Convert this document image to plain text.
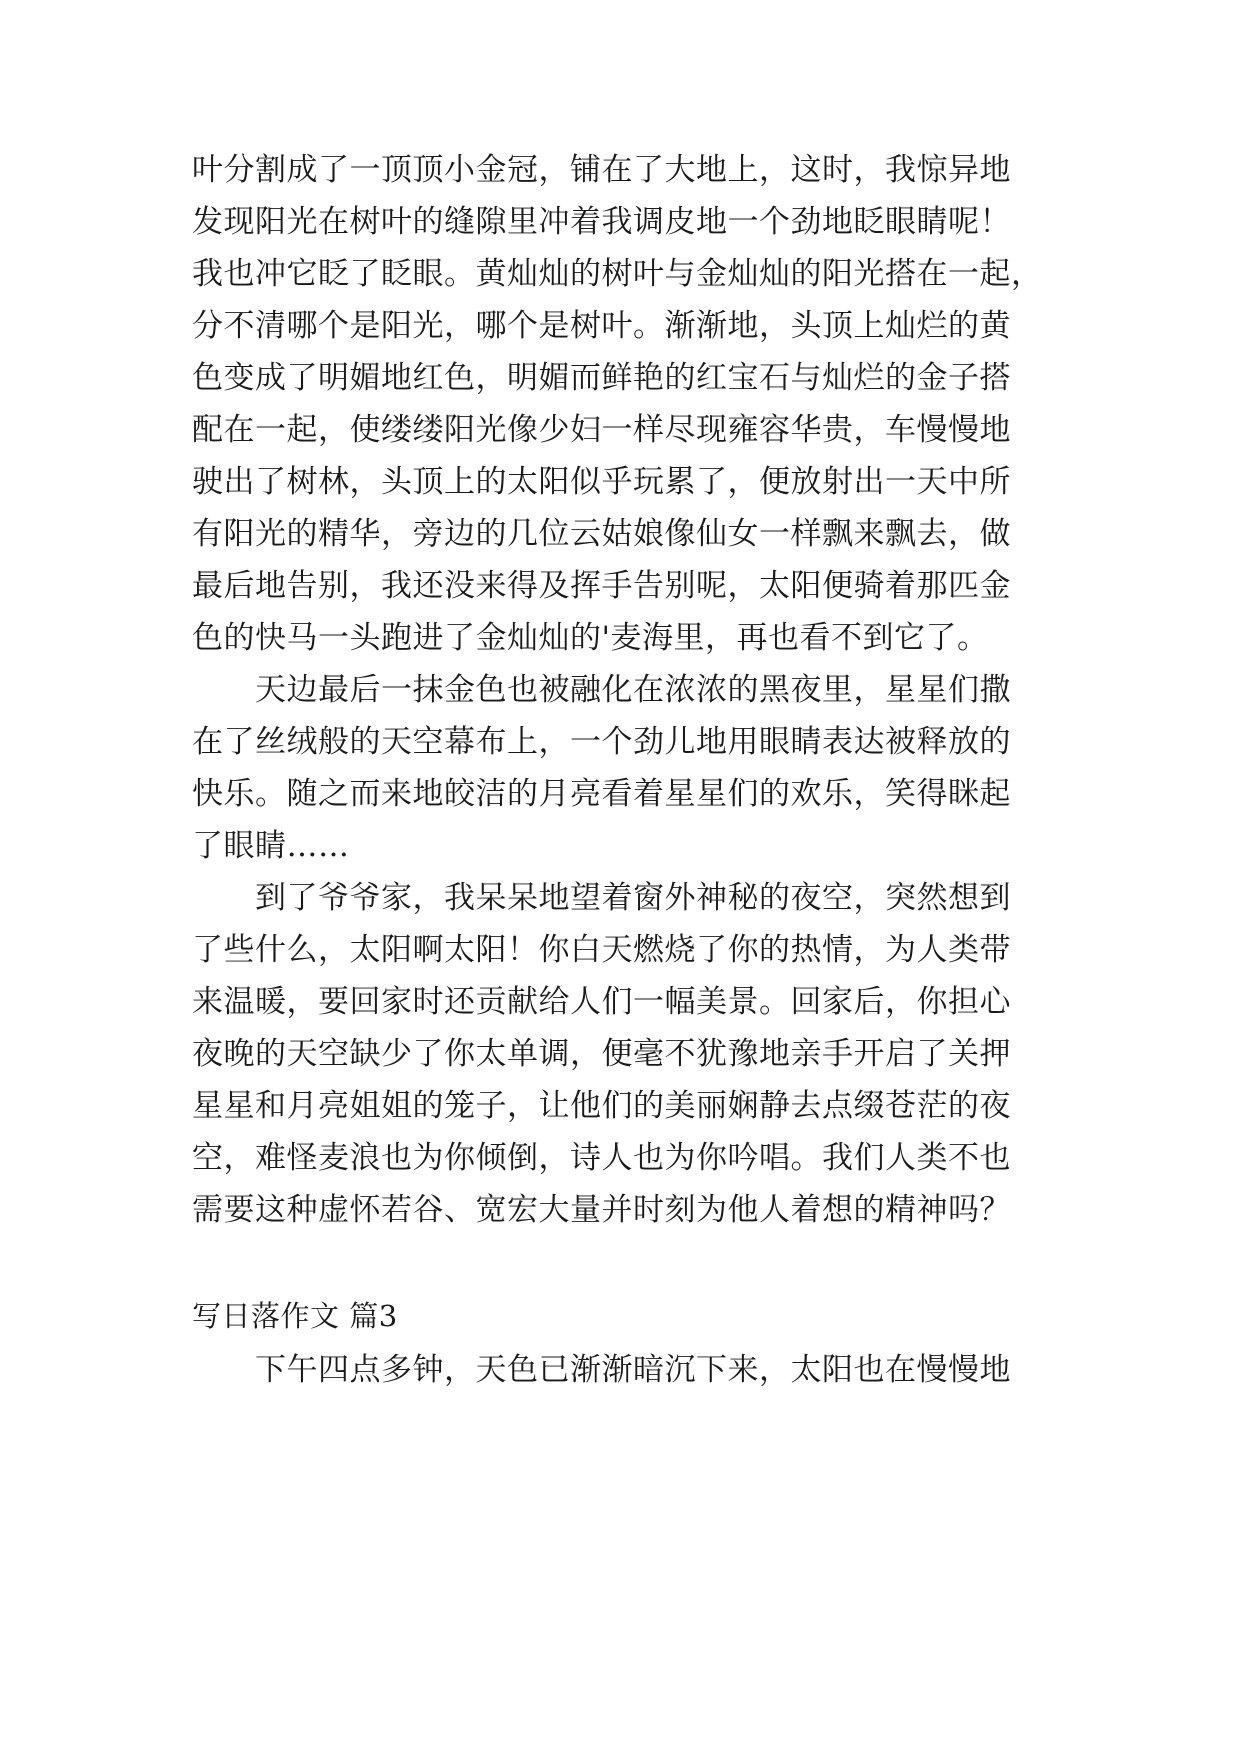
叶分割成了一顶顶小金冠，铺在了大地上，这时，我惊异地
发现阳光在树叶的缝隙里冲着我调皮地一个劲地眨眼睛呢！
我也冲它眨了眨眼。黄灿灿的树叶与金灿灿的阳光搭在一起，
分不清哪个是阳光，哪个是树叶。渐渐地，头顶上灿烂的黄
色变成了明媚地红色，明媚而鲜艳的红宝石与灿烂的金子搭
配在一起，使缕缕阳光像少妇一样尽现雍容华贵，车慢慢地
驶出了树林，头顶上的太阳似乎玩累了，便放射出一天中所
有阳光的精华，旁边的几位云姑娘像仙女一样飘来飘去，做
最后地告别，我还没来得及挥手告别呢，太阳便骑着那匹金
色的快马一头跑进了金灿灿的'麦海里，再也看不到它了。
　　天边最后一抹金色也被融化在浓浓的黑夜里，星星们撒
在了丝绒般的天空幕布上，一个劲儿地用眼睛表达被释放的
快乐。随之而来地皎洁的月亮看着星星们的欢乐，笑得眯起
了眼睛……
　　到了爷爷家，我呆呆地望着窗外神秘的夜空，突然想到
了些什么，太阳啊太阳！你白天燃烧了你的热情，为人类带
来温暖，要回家时还贡献给人们一幅美景。回家后，你担心
夜晚的天空缺少了你太单调，便毫不犹豫地亲手开启了关押
星星和月亮姐姐的笼子，让他们的美丽娴静去点缀苍茫的夜
空，难怪麦浪也为你倾倒，诗人也为你吟唱。我们人类不也
需要这种虚怀若谷、宽宏大量并时刻为他人着想的精神吗？
写日落作文 篇3
　　下午四点多钟，天色已渐渐暗沉下来，太阳也在慢慢地
